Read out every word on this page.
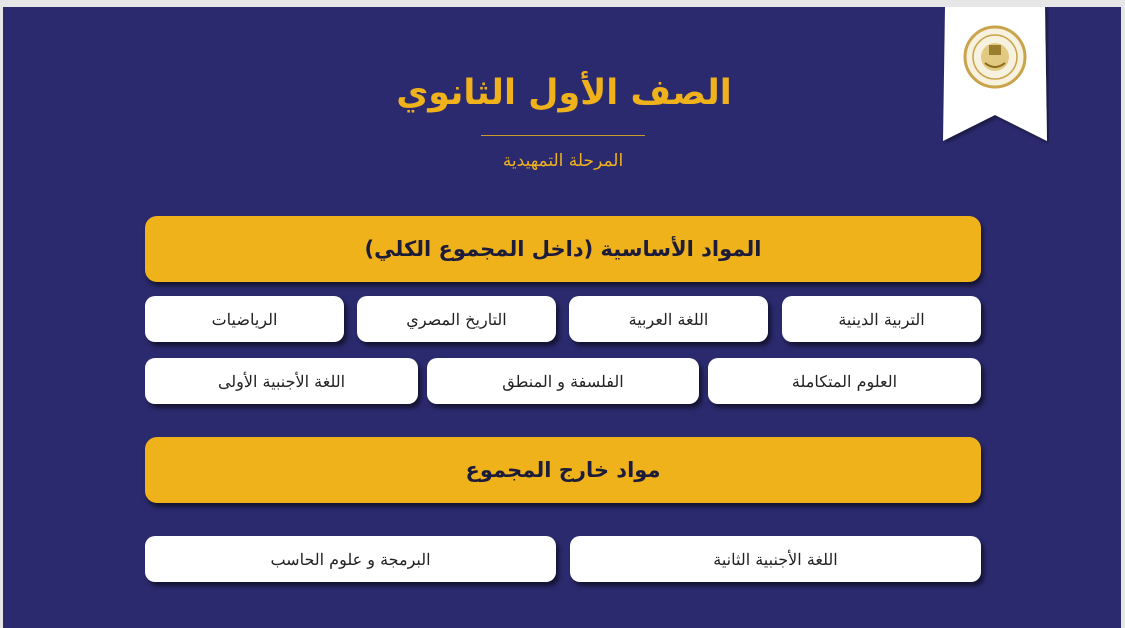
الصف الأول الثانوي
المرحلة التمهيدية
المواد الأساسية (داخل المجموع الكلي)
التربية الدينية
اللغة العربية
التاريخ المصري
الرياضيات
العلوم المتكاملة
الفلسفة و المنطق
اللغة الأجنبية الأولى
مواد خارج المجموع
اللغة الأجنبية الثانية
البرمجة و علوم الحاسب
